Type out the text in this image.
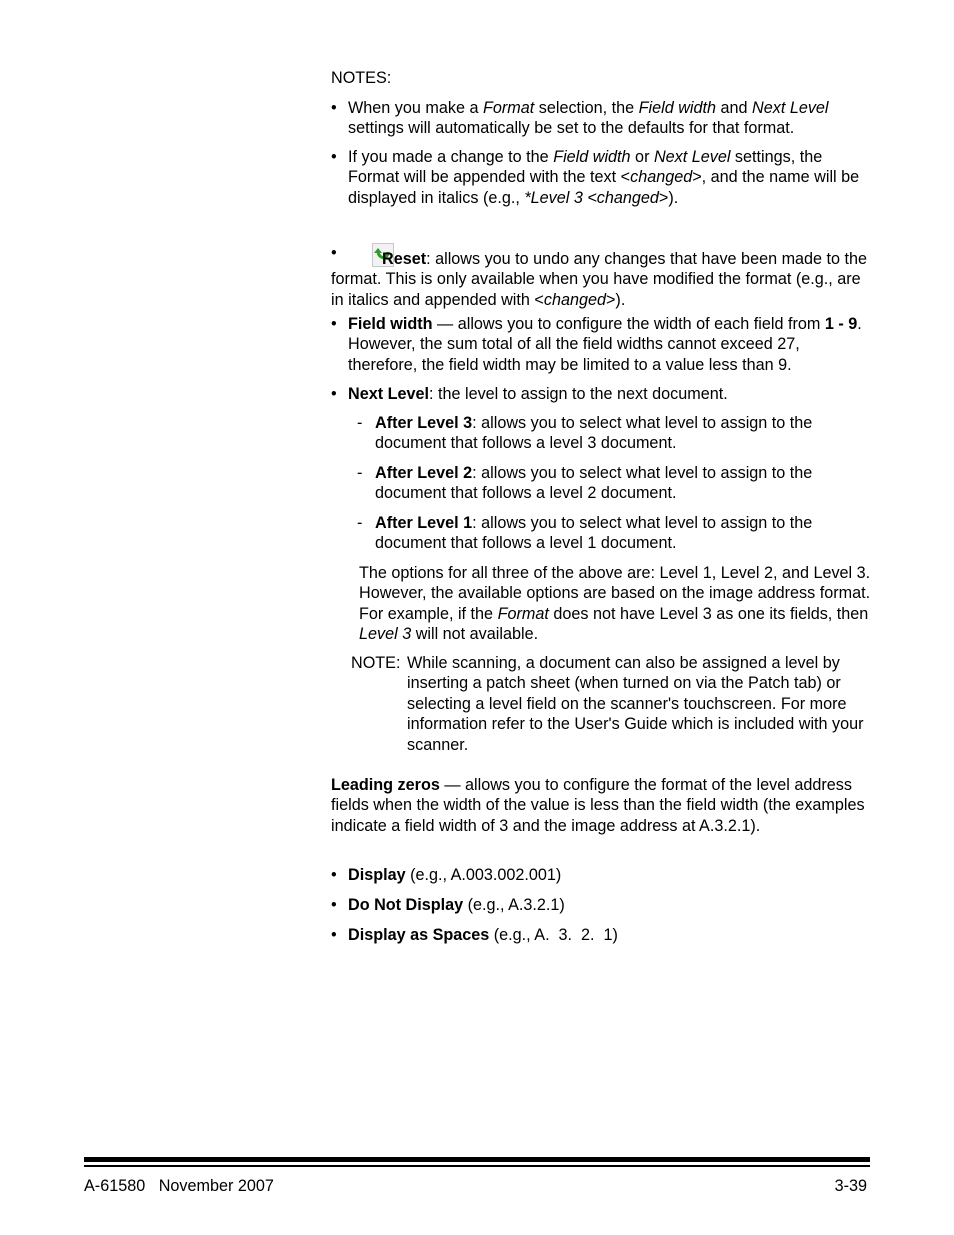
NOTES:
• When you make a Format selection, the Field width and Next Level settings will automatically be set to the defaults for that format.
• If you made a change to the Field width or Next Level settings, the Format will be appended with the text <changed>, and the name will be displayed in italics (e.g., *Level 3 <changed>).
•	Reset: allows you to undo any changes that have been made to the format. This is only available when you have modified the format (e.g., are in italics and appended with <changed>).
• Field width — allows you to configure the width of each field from 1 - 9. However, the sum total of all the field widths cannot exceed 27, therefore, the field width may be limited to a value less than 9.
• Next Level: the level to assign to the next document.
- After Level 3: allows you to select what level to assign to the document that follows a level 3 document.
- After Level 2: allows you to select what level to assign to the document that follows a level 2 document.
- After Level 1: allows you to select what level to assign to the document that follows a level 1 document.
The options for all three of the above are: Level 1, Level 2, and Level 3. However, the available options are based on the image address format. For example, if the Format does not have Level 3 as one its fields, then Level 3 will not available.
NOTE: While scanning, a document can also be assigned a level by inserting a patch sheet (when turned on via the Patch tab) or selecting a level field on the scanner's touchscreen. For more information refer to the User's Guide which is included with your scanner.
Leading zeros — allows you to configure the format of the level address fields when the width of the value is less than the field width (the examples indicate a field width of 3 and the image address at A.3.2.1).
• Display (e.g., A.003.002.001)
• Do Not Display (e.g., A.3.2.1)
• Display as Spaces (e.g., A.  3.  2.  1)
A-61580   November 2007	3-39
